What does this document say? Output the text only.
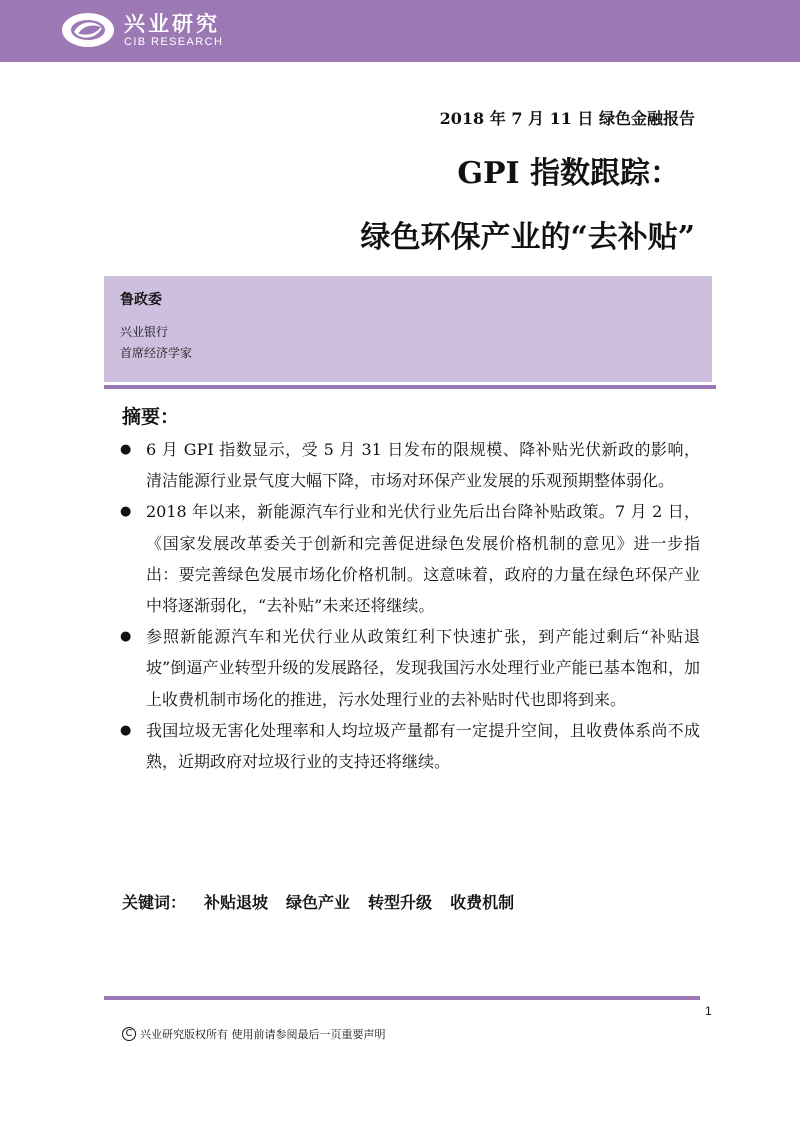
兴业研究
CIB RESEARCH
2018 年 7 月 11 日 绿色金融报告
GPI 指数跟踪：
绿色环保产业的“去补贴”
鲁政委
兴业银行
首席经济学家
摘要：
● 6 月 GPI 指数显示，受 5 月 31 日发布的限规模、降补贴光伏新政的影响，清洁能源行业景气度大幅下降，市场对环保产业发展的乐观预期整体弱化。
● 2018 年以来，新能源汽车行业和光伏行业先后出台降补贴政策。7 月 2 日，《国家发展改革委关于创新和完善促进绿色发展价格机制的意见》进一步指出：要完善绿色发展市场化价格机制。这意味着，政府的力量在绿色环保产业中将逐渐弱化，“去补贴”未来还将继续。
● 参照新能源汽车和光伏行业从政策红利下快速扩张，到产能过剩后“补贴退坡”倒逼产业转型升级的发展路径，发现我国污水处理行业产能已基本饱和，加上收费机制市场化的推进，污水处理行业的去补贴时代也即将到来。
● 我国垃圾无害化处理率和人均垃圾产量都有一定提升空间，且收费体系尚不成熟，近期政府对垃圾行业的支持还将继续。
关键词： 补贴退坡 绿色产业 转型升级 收费机制
1
C 兴业研究版权所有 使用前请参阅最后一页重要声明
